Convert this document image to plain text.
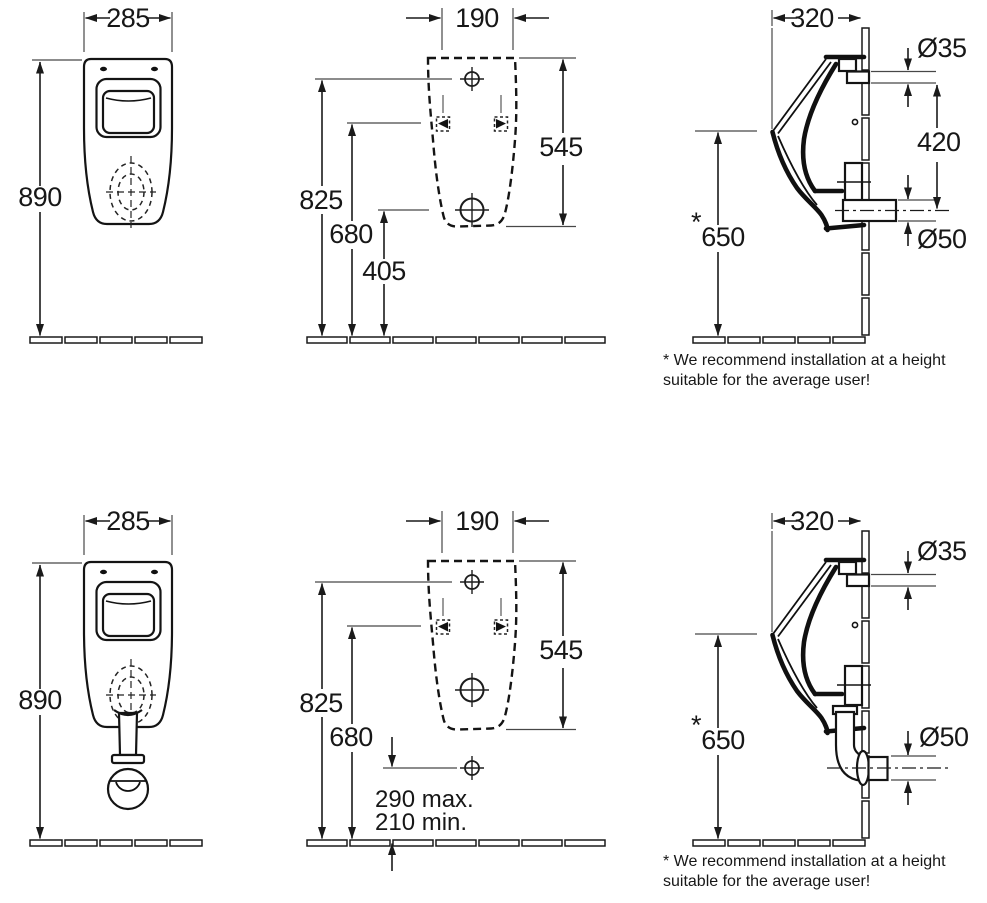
285
890
190
825
680
405
545
320
Ø35
420
Ø50
* 650
* We recommend installation at a height
suitable for the average user!
285
890
190
825
680
545
290 max.
210 min.
320
Ø35
Ø50
* 650
* We recommend installation at a height
suitable for the average user!
